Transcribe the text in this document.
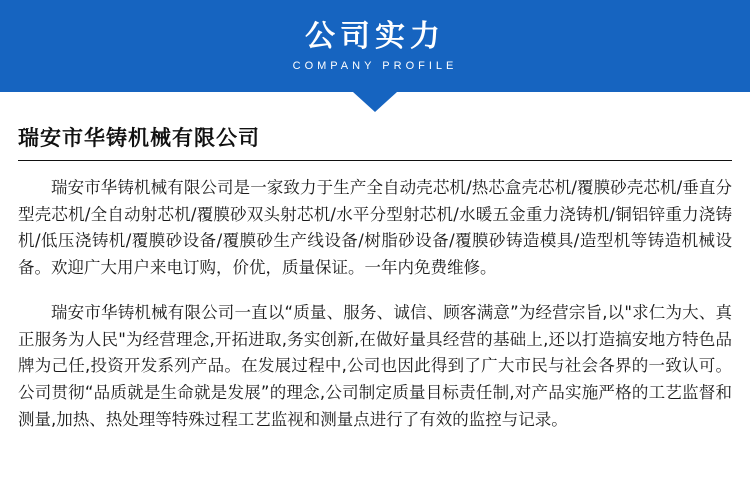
公司实力
COMPANY PROFILE
瑞安市华铸机械有限公司

瑞安市华铸机械有限公司是一家致力于生产全自动壳芯机/热芯盒壳芯机/覆膜砂壳芯机/垂直分型壳芯机/全自动射芯机/覆膜砂双头射芯机/水平分型射芯机/水暖五金重力浇铸机/铜铝锌重力浇铸机/低压浇铸机/覆膜砂设备/覆膜砂生产线设备/树脂砂设备/覆膜砂铸造模具/造型机等铸造机械设备。欢迎广大用户来电订购，价优，质量保证。一年内免费维修。

瑞安市华铸机械有限公司一直以“质量、服务、诚信、顾客满意”为经营宗旨,以"求仁为大、真正服务为人民"为经营理念,开拓进取,务实创新,在做好量具经营的基础上,还以打造搞安地方特色品牌为己任,投资开发系列产品。在发展过程中,公司也因此得到了广大市民与社会各界的一致认可。公司贯彻“品质就是生命就是发展”的理念,公司制定质量目标责任制,对产品实施严格的工艺监督和测量,加热、热处理等特殊过程工艺监视和测量点进行了有效的监控与记录。
